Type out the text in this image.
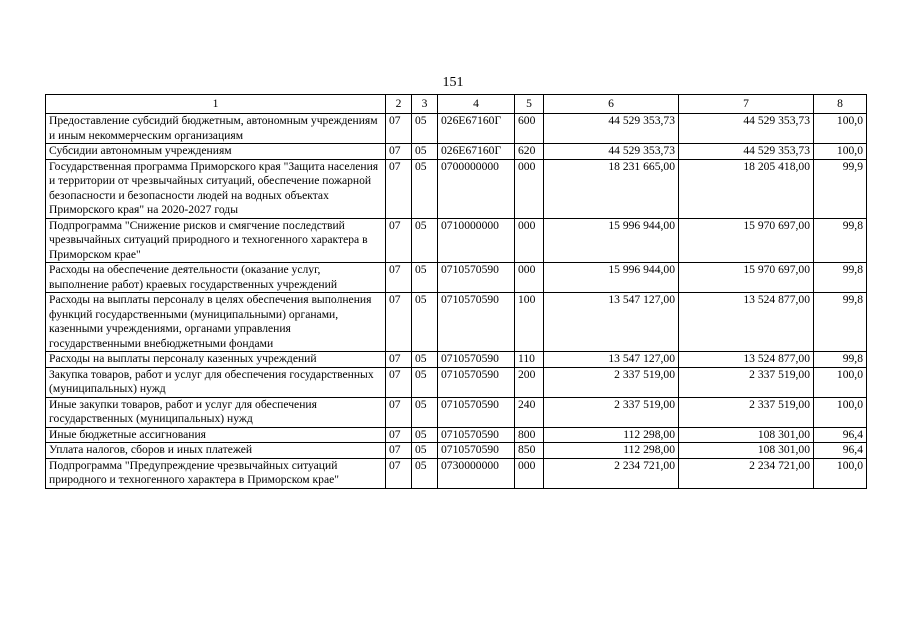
151
1	2	3	4	5	6	7	8
Предоставление субсидий бюджетным, автономным учреждениям и иным некоммерческим организациям	07	05	026Е67160Г	600	44 529 353,73	44 529 353,73	100,0
Субсидии автономным учреждениям	07	05	026Е67160Г	620	44 529 353,73	44 529 353,73	100,0
Государственная программа Приморского края "Защита населения и территории от чрезвычайных ситуаций, обеспечение пожарной безопасности и безопасности людей на водных объектах Приморского края" на 2020-2027 годы	07	05	0700000000	000	18 231 665,00	18 205 418,00	99,9
Подпрограмма "Снижение рисков и смягчение последствий чрезвычайных ситуаций природного и техногенного характера в Приморском крае"	07	05	0710000000	000	15 996 944,00	15 970 697,00	99,8
Расходы на обеспечение деятельности (оказание услуг, выполнение работ) краевых государственных учреждений	07	05	0710570590	000	15 996 944,00	15 970 697,00	99,8
Расходы на выплаты персоналу в целях обеспечения выполнения функций государственными (муниципальными) органами, казенными учреждениями, органами управления государственными внебюджетными фондами	07	05	0710570590	100	13 547 127,00	13 524 877,00	99,8
Расходы на выплаты персоналу казенных учреждений	07	05	0710570590	110	13 547 127,00	13 524 877,00	99,8
Закупка товаров, работ и услуг для обеспечения государственных (муниципальных) нужд	07	05	0710570590	200	2 337 519,00	2 337 519,00	100,0
Иные закупки товаров, работ и услуг для обеспечения государственных (муниципальных) нужд	07	05	0710570590	240	2 337 519,00	2 337 519,00	100,0
Иные бюджетные ассигнования	07	05	0710570590	800	112 298,00	108 301,00	96,4
Уплата налогов, сборов и иных платежей	07	05	0710570590	850	112 298,00	108 301,00	96,4
Подпрограмма "Предупреждение чрезвычайных ситуаций природного и техногенного характера в Приморском крае"	07	05	0730000000	000	2 234 721,00	2 234 721,00	100,0
